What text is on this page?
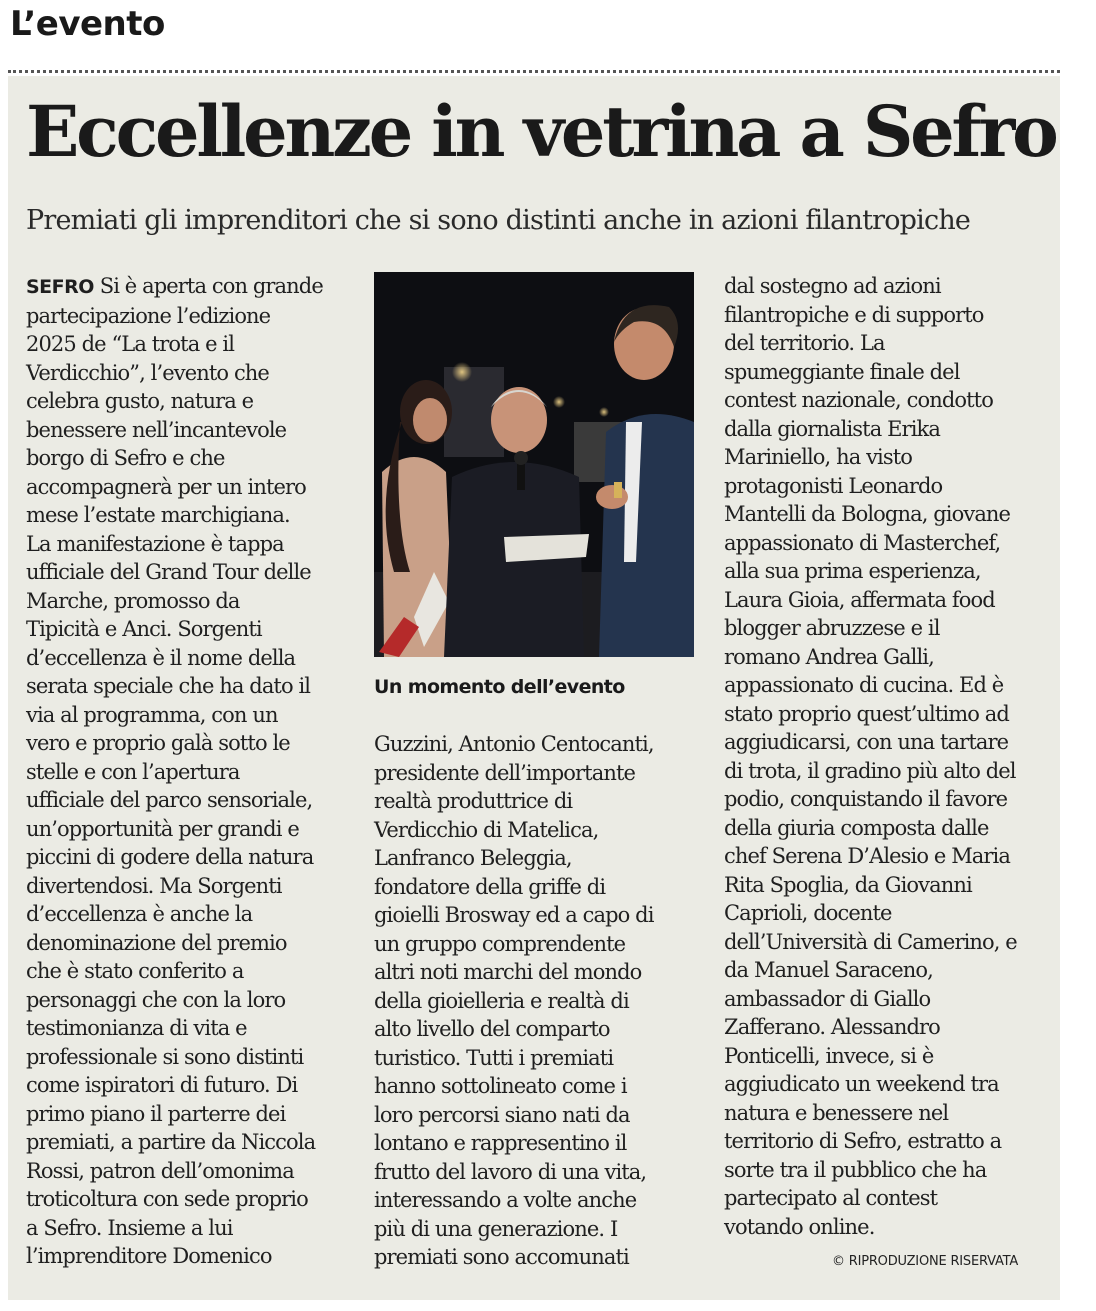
L’evento
Eccellenze in vetrina a Sefro
Premiati gli imprenditori che si sono distinti anche in azioni filantropiche

SEFRO Si è aperta con grande

partecipazione l’edizione

2025 de “La trota e il

Verdicchio”, l’evento che

celebra gusto, natura e

benessere nell’incantevole

borgo di Sefro e che

accompagnerà per un intero

mese l’estate marchigiana.

La manifestazione è tappa

ufficiale del Grand Tour delle

Marche, promosso da

Tipicità e Anci. Sorgenti

d’eccellenza è il nome della

serata speciale che ha dato il

via al programma, con un

vero e proprio galà sotto le

stelle e con l’apertura

ufficiale del parco sensoriale,

un’opportunità per grandi e

piccini di godere della natura

divertendosi. Ma Sorgenti

d’eccellenza è anche la

denominazione del premio

che è stato conferito a

personaggi che con la loro

testimonianza di vita e

professionale si sono distinti

come ispiratori di futuro. Di

primo piano il parterre dei

premiati, a partire da Niccola

Rossi, patron dell’omonima

troticoltura con sede proprio

a Sefro. Insieme a lui

l’imprenditore Domenico

Un momento dell’evento

Guzzini, Antonio Centocanti,

presidente dell’importante

realtà produttrice di

Verdicchio di Matelica,

Lanfranco Beleggia,

fondatore della griffe di

gioielli Brosway ed a capo di

un gruppo comprendente

altri noti marchi del mondo

della gioielleria e realtà di

alto livello del comparto

turistico. Tutti i premiati

hanno sottolineato come i

loro percorsi siano nati da

lontano e rappresentino il

frutto del lavoro di una vita,

interessando a volte anche

più di una generazione. I

premiati sono accomunati

dal sostegno ad azioni

filantropiche e di supporto

del territorio. La

spumeggiante finale del

contest nazionale, condotto

dalla giornalista Erika

Mariniello, ha visto

protagonisti Leonardo

Mantelli da Bologna, giovane

appassionato di Masterchef,

alla sua prima esperienza,

Laura Gioia, affermata food

blogger abruzzese e il

romano Andrea Galli,

appassionato di cucina. Ed è

stato proprio quest’ultimo ad

aggiudicarsi, con una tartare

di trota, il gradino più alto del

podio, conquistando il favore

della giuria composta dalle

chef Serena D’Alesio e Maria

Rita Spoglia, da Giovanni

Caprioli, docente

dell’Università di Camerino, e

da Manuel Saraceno,

ambassador di Giallo

Zafferano. Alessandro

Ponticelli, invece, si è

aggiudicato un weekend tra

natura e benessere nel

territorio di Sefro, estratto a

sorte tra il pubblico che ha

partecipato al contest

votando online.

© RIPRODUZIONE RISERVATA
